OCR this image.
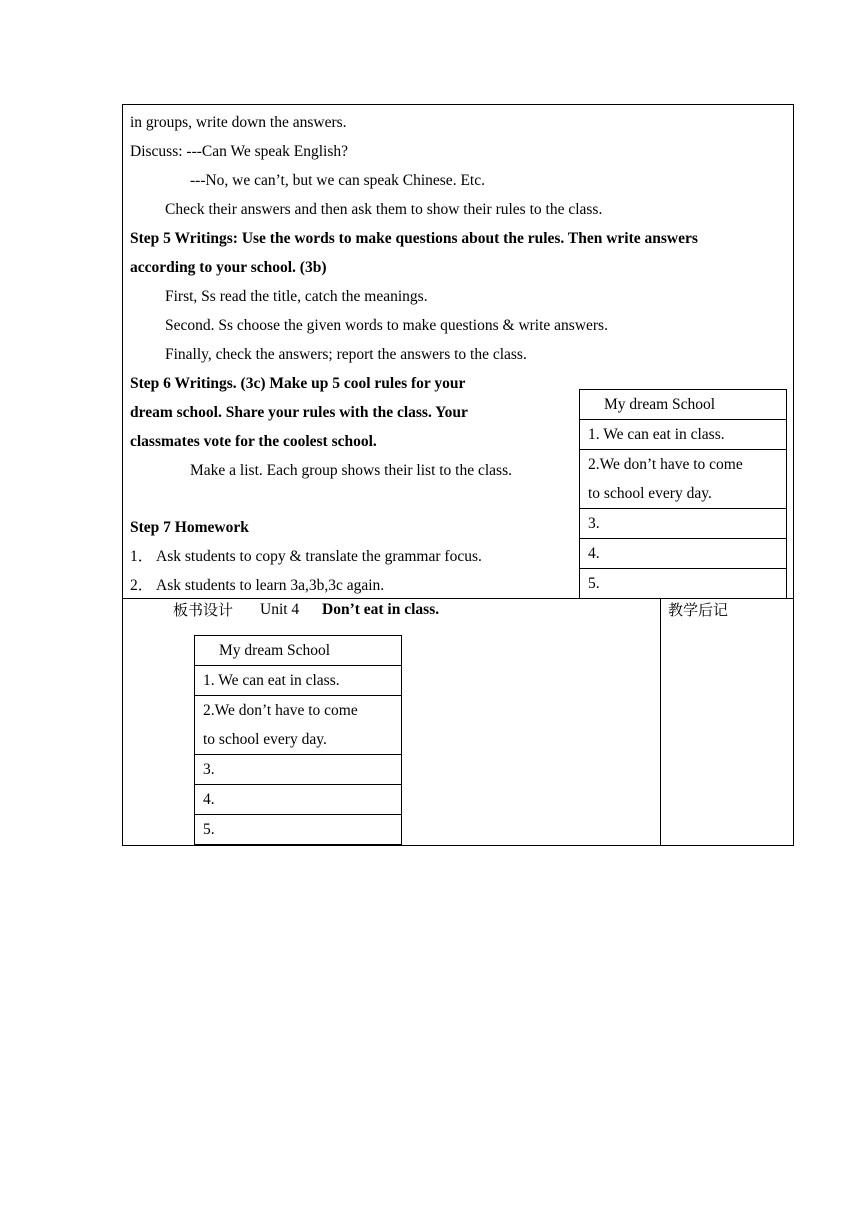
in groups, write down the answers.
Discuss: ---Can We speak English?
---No, we can’t, but we can speak Chinese. Etc.
Check their answers and then ask them to show their rules to the class.
Step 5 Writings: Use the words to make questions about the rules. Then write answers
according to your school. (3b)
First, Ss read the title, catch the meanings.
Second. Ss choose the given words to make questions & write answers.
Finally, check the answers; report the answers to the class.
Step 6 Writings. (3c) Make up 5 cool rules for your
dream school. Share your rules with the class. Your
classmates vote for the coolest school.
Make a list. Each group shows their list to the class.
Step 7 Homework
1． Ask students to copy & translate the grammar focus.
2． Ask students to learn 3a,3b,3c again.
My dream School
1. We can eat in class.
2.We don’t have to come
to school every day.
3.
4.
5.
板书设计 Unit 4 Don’t eat in class.	教学后记
My dream School
1. We can eat in class.
2.We don’t have to come
to school every day.
3.
4.
5.
